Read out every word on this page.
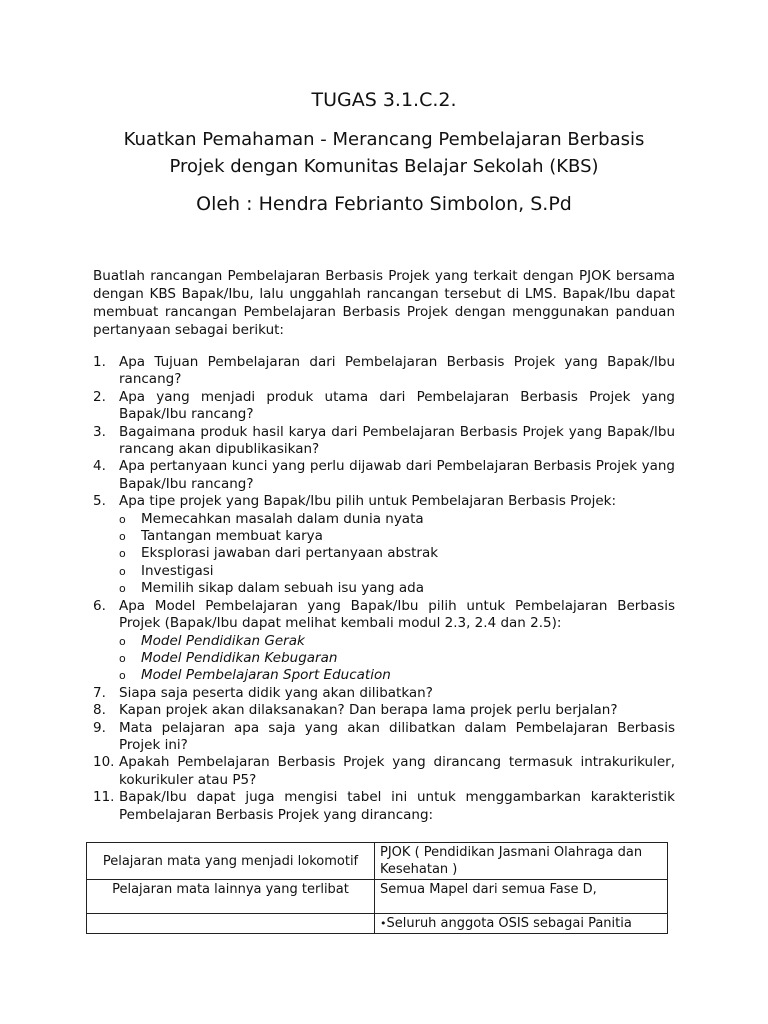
TUGAS 3.1.C.2.
Kuatkan Pemahaman - Merancang Pembelajaran Berbasis
Projek dengan Komunitas Belajar Sekolah (KBS)
Oleh : Hendra Febrianto Simbolon, S.Pd
Buatlah rancangan Pembelajaran Berbasis Projek yang terkait dengan PJOK bersama dengan KBS Bapak/Ibu, lalu unggahlah rancangan tersebut di LMS. Bapak/Ibu dapat membuat rancangan Pembelajaran Berbasis Projek dengan menggunakan panduan pertanyaan sebagai berikut:
1. Apa Tujuan Pembelajaran dari Pembelajaran Berbasis Projek yang Bapak/Ibu rancang?
2. Apa yang menjadi produk utama dari Pembelajaran Berbasis Projek yang Bapak/Ibu rancang?
3. Bagaimana produk hasil karya dari Pembelajaran Berbasis Projek yang Bapak/Ibu rancang akan dipublikasikan?
4. Apa pertanyaan kunci yang perlu dijawab dari Pembelajaran Berbasis Projek yang Bapak/Ibu rancang?
5. Apa tipe projek yang Bapak/Ibu pilih untuk Pembelajaran Berbasis Projek:
o Memecahkan masalah dalam dunia nyata
o Tantangan membuat karya
o Eksplorasi jawaban dari pertanyaan abstrak
o Investigasi
o Memilih sikap dalam sebuah isu yang ada
6. Apa Model Pembelajaran yang Bapak/Ibu pilih untuk Pembelajaran Berbasis Projek (Bapak/Ibu dapat melihat kembali modul 2.3, 2.4 dan 2.5):
o Model Pendidikan Gerak
o Model Pendidikan Kebugaran
o Model Pembelajaran Sport Education
7. Siapa saja peserta didik yang akan dilibatkan?
8. Kapan projek akan dilaksanakan? Dan berapa lama projek perlu berjalan?
9. Mata pelajaran apa saja yang akan dilibatkan dalam Pembelajaran Berbasis Projek ini?
10. Apakah Pembelajaran Berbasis Projek yang dirancang termasuk intrakurikuler, kokurikuler atau P5?
11. Bapak/Ibu dapat juga mengisi tabel ini untuk menggambarkan karakteristik Pembelajaran Berbasis Projek yang dirancang:
Pelajaran mata yang menjadi lokomotif	PJOK ( Pendidikan Jasmani Olahraga dan Kesehatan )
Pelajaran mata lainnya yang terlibat	Semua Mapel dari semua Fase D,
	•Seluruh anggota OSIS sebagai Panitia
